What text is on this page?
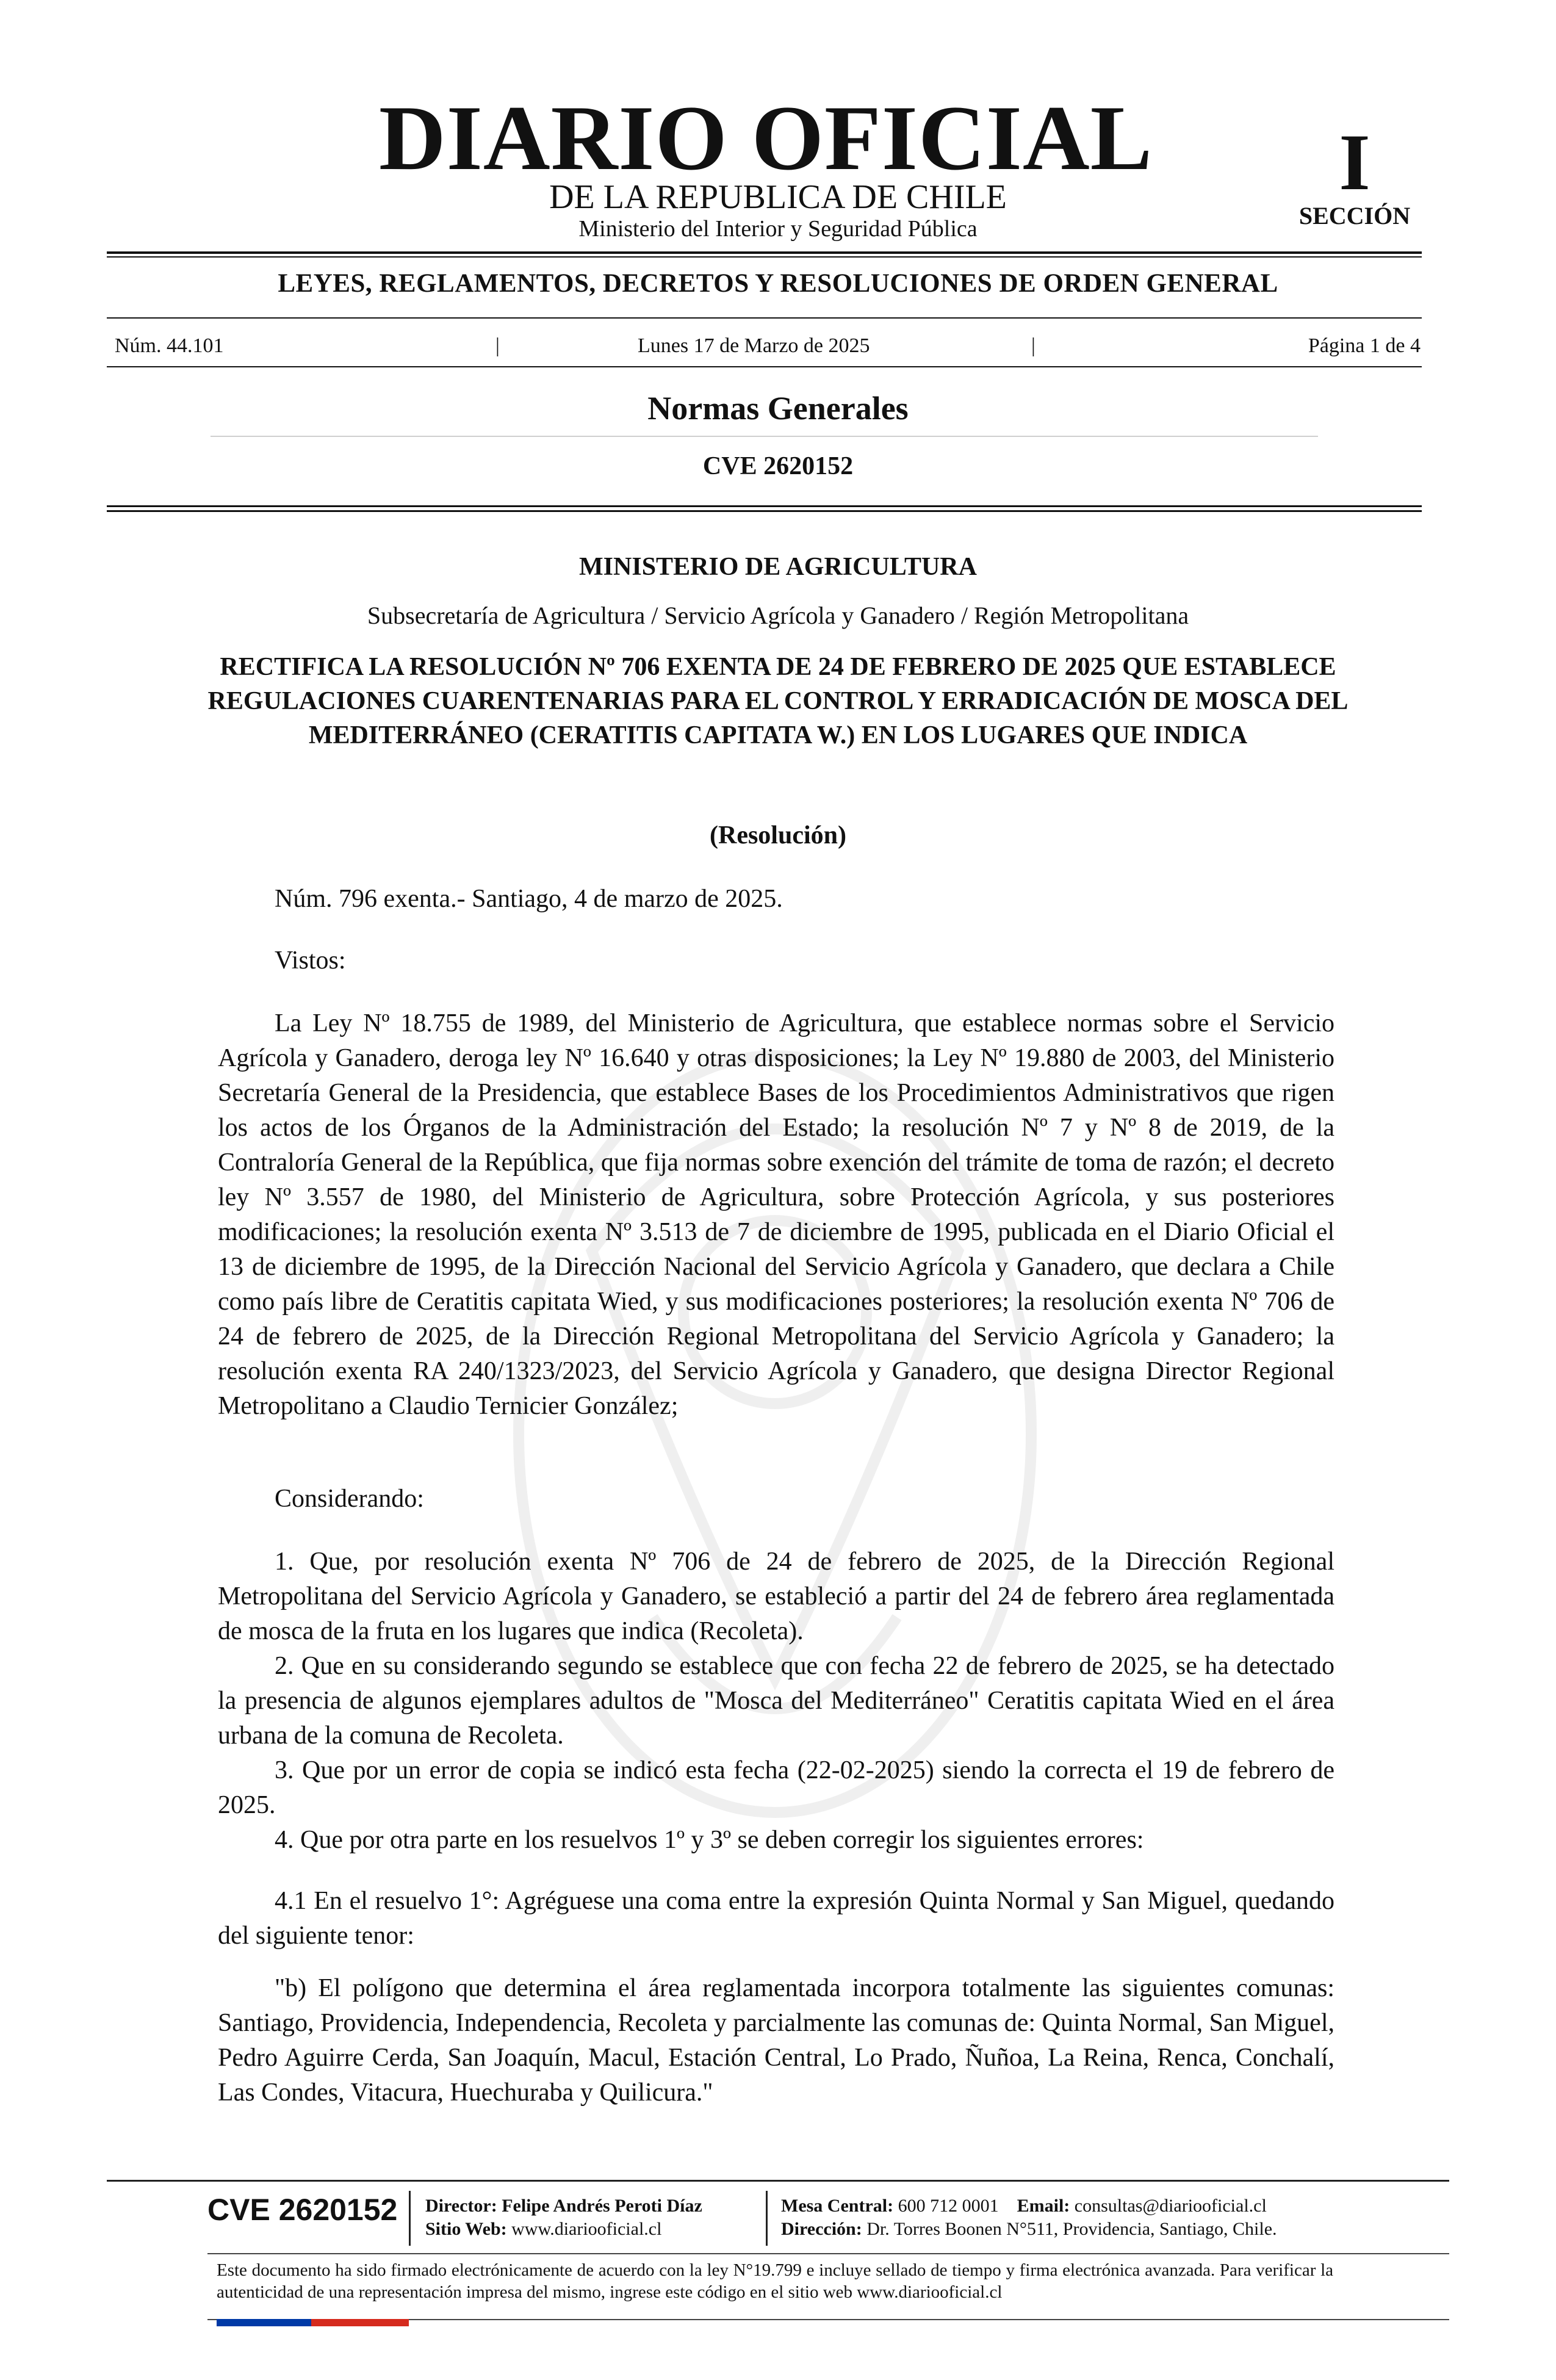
DIARIO OFICIAL
DE LA REPUBLICA DE CHILE
Ministerio del Interior y Seguridad Pública
I
SECCIÓN
LEYES, REGLAMENTOS, DECRETOS Y RESOLUCIONES DE ORDEN GENERAL
Núm. 44.101	|	Lunes 17 de Marzo de 2025	|	Página 1 de 4
Normas Generales
CVE 2620152
MINISTERIO DE AGRICULTURA
Subsecretaría de Agricultura / Servicio Agrícola y Ganadero / Región Metropolitana
RECTIFICA LA RESOLUCIÓN Nº 706 EXENTA DE 24 DE FEBRERO DE 2025 QUE ESTABLECE REGULACIONES CUARENTENARIAS PARA EL CONTROL Y ERRADICACIÓN DE MOSCA DEL MEDITERRÁNEO (CERATITIS CAPITATA W.) EN LOS LUGARES QUE INDICA
(Resolución)
Núm. 796 exenta.- Santiago, 4 de marzo de 2025.
Vistos:
La Ley Nº 18.755 de 1989, del Ministerio de Agricultura, que establece normas sobre el Servicio Agrícola y Ganadero, deroga ley Nº 16.640 y otras disposiciones; la Ley Nº 19.880 de 2003, del Ministerio Secretaría General de la Presidencia, que establece Bases de los Procedimientos Administrativos que rigen los actos de los Órganos de la Administración del Estado; la resolución Nº 7 y Nº 8 de 2019, de la Contraloría General de la República, que fija normas sobre exención del trámite de toma de razón; el decreto ley Nº 3.557 de 1980, del Ministerio de Agricultura, sobre Protección Agrícola, y sus posteriores modificaciones; la resolución exenta Nº 3.513 de 7 de diciembre de 1995, publicada en el Diario Oficial el 13 de diciembre de 1995, de la Dirección Nacional del Servicio Agrícola y Ganadero, que declara a Chile como país libre de Ceratitis capitata Wied, y sus modificaciones posteriores; la resolución exenta Nº 706 de 24 de febrero de 2025, de la Dirección Regional Metropolitana del Servicio Agrícola y Ganadero; la resolución exenta RA 240/1323/2023, del Servicio Agrícola y Ganadero, que designa Director Regional Metropolitano a Claudio Ternicier González;
Considerando:
1. Que, por resolución exenta Nº 706 de 24 de febrero de 2025, de la Dirección Regional Metropolitana del Servicio Agrícola y Ganadero, se estableció a partir del 24 de febrero área reglamentada de mosca de la fruta en los lugares que indica (Recoleta).
2. Que en su considerando segundo se establece que con fecha 22 de febrero de 2025, se ha detectado la presencia de algunos ejemplares adultos de "Mosca del Mediterráneo" Ceratitis capitata Wied en el área urbana de la comuna de Recoleta.
3. Que por un error de copia se indicó esta fecha (22-02-2025) siendo la correcta el 19 de febrero de 2025.
4. Que por otra parte en los resuelvos 1º y 3º se deben corregir los siguientes errores:
4.1 En el resuelvo 1°: Agréguese una coma entre la expresión Quinta Normal y San Miguel, quedando del siguiente tenor:
"b) El polígono que determina el área reglamentada incorpora totalmente las siguientes comunas: Santiago, Providencia, Independencia, Recoleta y parcialmente las comunas de: Quinta Normal, San Miguel, Pedro Aguirre Cerda, San Joaquín, Macul, Estación Central, Lo Prado, Ñuñoa, La Reina, Renca, Conchalí, Las Condes, Vitacura, Huechuraba y Quilicura."
CVE 2620152 Director: Felipe Andrés Peroti Díaz
Sitio Web: www.diariooficial.cl
Mesa Central: 600 712 0001 Email: consultas@diariooficial.cl
Dirección: Dr. Torres Boonen N°511, Providencia, Santiago, Chile.
Este documento ha sido firmado electrónicamente de acuerdo con la ley N°19.799 e incluye sellado de tiempo y firma electrónica avanzada. Para verificar la autenticidad de una representación impresa del mismo, ingrese este código en el sitio web www.diariooficial.cl
